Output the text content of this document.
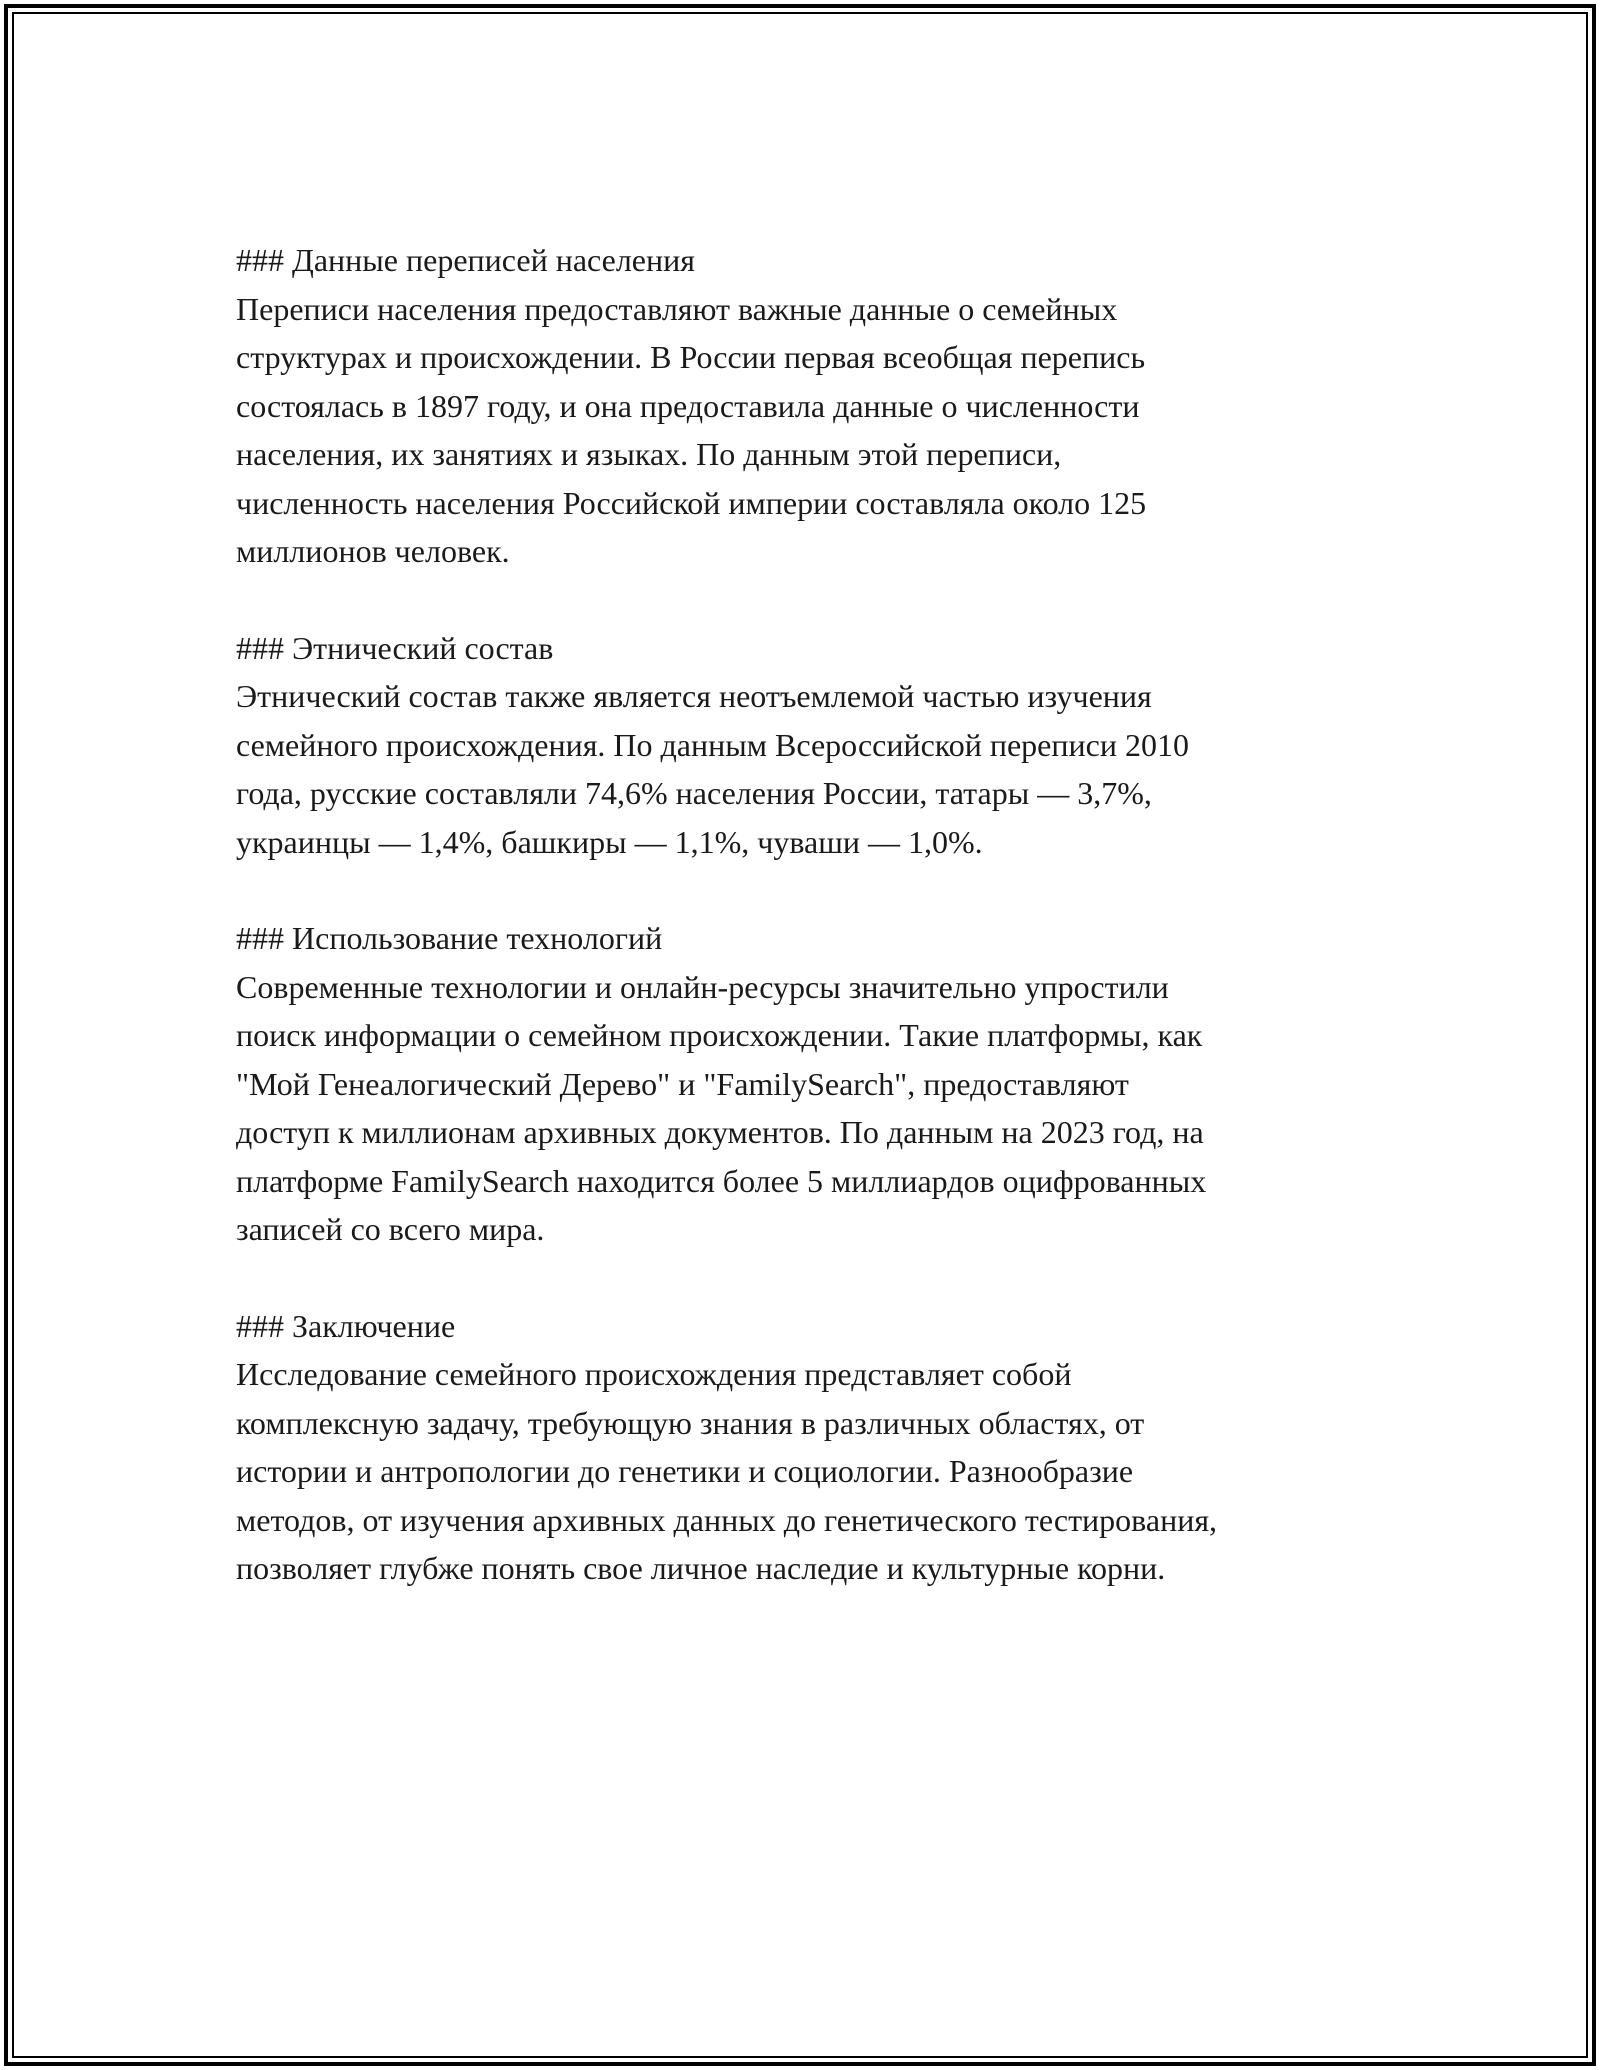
### Данные переписей населения

Переписи населения предоставляют важные данные о семейных
структурах и происхождении. В России первая всеобщая перепись
состоялась в 1897 году, и она предоставила данные о численности
населения, их занятиях и языках. По данным этой переписи,
численность населения Российской империи составляла около 125
миллионов человек.

### Этнический состав

Этнический состав также является неотъемлемой частью изучения
семейного происхождения. По данным Всероссийской переписи 2010
года, русские составляли 74,6% населения России, татары — 3,7%,
украинцы — 1,4%, башкиры — 1,1%, чуваши — 1,0%.

### Использование технологий

Современные технологии и онлайн-ресурсы значительно упростили
поиск информации о семейном происхождении. Такие платформы, как
"Мой Генеалогический Дерево" и "FamilySearch", предоставляют
доступ к миллионам архивных документов. По данным на 2023 год, на
платформе FamilySearch находится более 5 миллиардов оцифрованных
записей со всего мира.

### Заключение

Исследование семейного происхождения представляет собой
комплексную задачу, требующую знания в различных областях, от
истории и антропологии до генетики и социологии. Разнообразие
методов, от изучения архивных данных до генетического тестирования,
позволяет глубже понять свое личное наследие и культурные корни.
